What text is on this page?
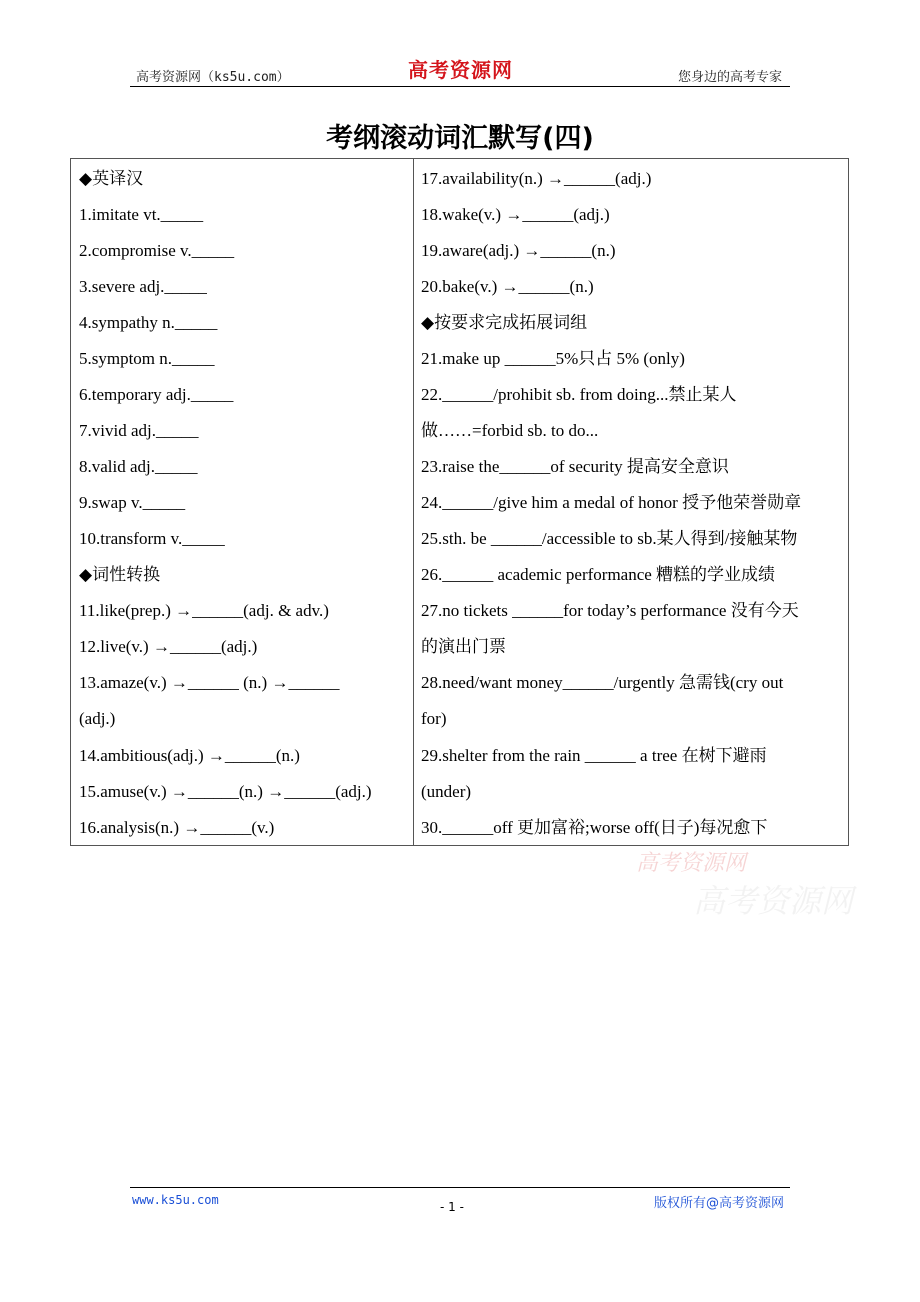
高考资源网（ks5u.com）	高考资源网	您身边的高考专家
考纲滚动词汇默写(四)
◆英译汉
1.imitate vt._____
2.compromise v._____
3.severe adj._____
4.sympathy n._____
5.symptom n._____
6.temporary adj._____
7.vivid adj._____
8.valid adj._____
9.swap v._____
10.transform v._____
◆词性转换
11.like(prep.) →______(adj. & adv.)
12.live(v.) →______(adj.)
13.amaze(v.) →______ (n.) →______
(adj.)
14.ambitious(adj.) →______(n.)
15.amuse(v.) →______(n.) →______(adj.)
16.analysis(n.) →______(v.)
17.availability(n.) →______(adj.)
18.wake(v.) →______(adj.)
19.aware(adj.) →______(n.)
20.bake(v.) →______(n.)
◆按要求完成拓展词组
21.make up ______5%只占 5% (only)
22.______/prohibit sb. from doing...禁止某人
做……=forbid sb. to do...
23.raise the______of security 提高安全意识
24.______/give him a medal of honor 授予他荣誉勋章
25.sth. be ______/accessible to sb.某人得到/接触某物
26.______ academic performance 糟糕的学业成绩
27.no tickets ______for today’s performance 没有今天
的演出门票
28.need/want money______/urgently 急需钱(cry out
for)
29.shelter from the rain ______ a tree 在树下避雨
(under)
30.______off 更加富裕;worse off(日子)每况愈下
高考资源网
高考资源网
www.ks5u.com	- 1 -	版权所有@高考资源网
